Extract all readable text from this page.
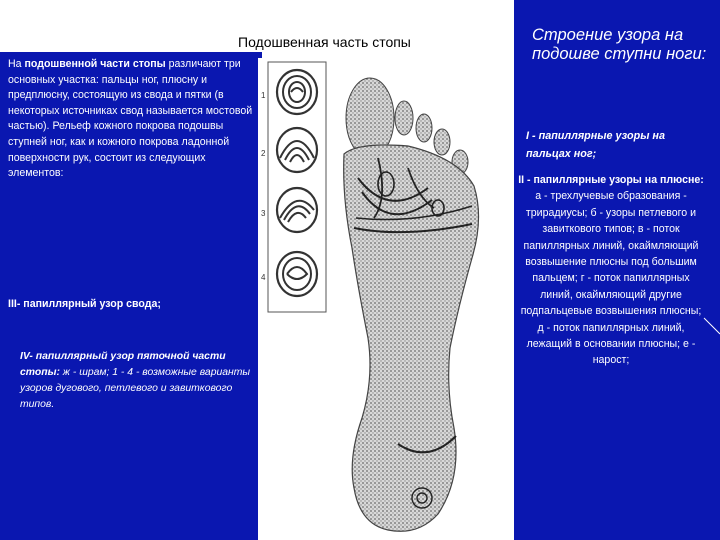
Подошвенная часть стопы
На подошвенной части стопы различают три основных участка: пальцы ног, плюсну и предплюсну, состоящую из свода и пятки (в некоторых источниках свод называется мостовой частью). Рельеф кожного покрова подошвы ступней ног, как и кожного покрова ладонной поверхности рук, состоит из следующих элементов:
III- папиллярный узор свода;
IV- папиллярный узор пяточной части стопы: ж - шрам; 1 - 4 - возможные варианты узоров дугового, петлевого и завиткового типов.
Строение узора на подошве ступни ноги:
I - папиллярные узоры на пальцах ног;
II - папиллярные узоры на плюсне: а - трехлучевые образования - трирадиусы; б - узоры петлевого и завиткового типов; в - поток папиллярных линий, окаймляющий возвышение плюсны под большим пальцем; г - поток папиллярных линий, окаймляющий другие подпальцевые возвышения плюсны; д - поток папиллярных линий, лежащий в основании плюсны; е - нарост;
1
2
3
4
